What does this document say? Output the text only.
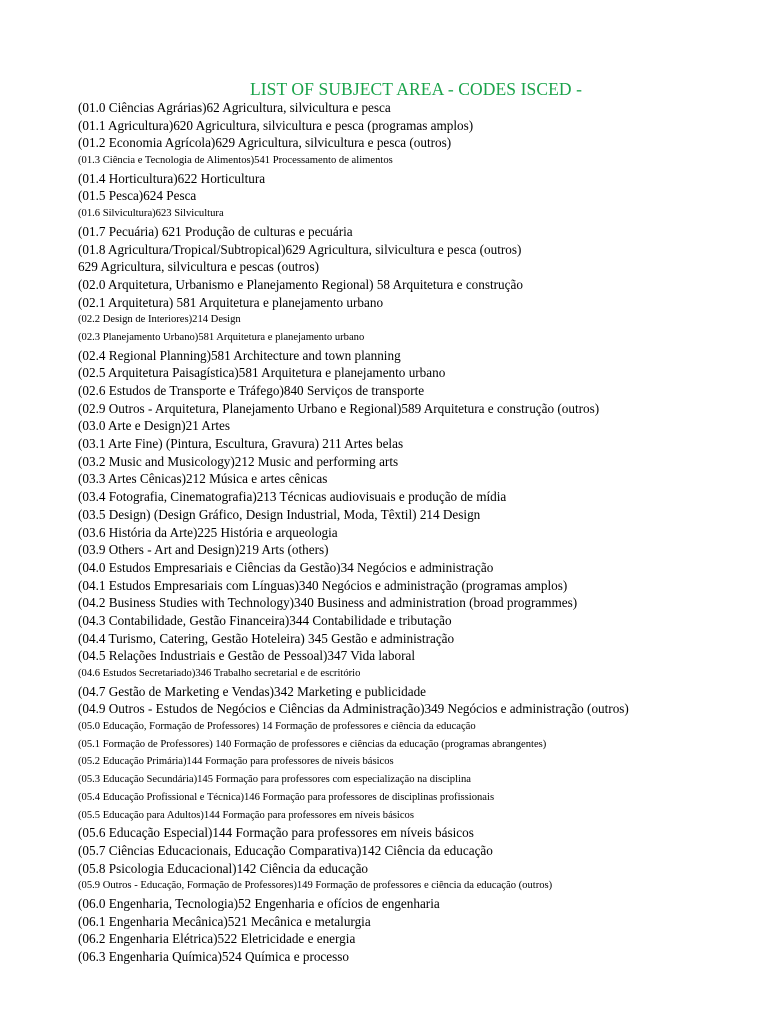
LIST OF SUBJECT AREA - CODES ISCED -
(01.0 Ciências Agrárias)62 Agricultura, silvicultura e pesca
(01.1 Agricultura)620 Agricultura, silvicultura e pesca (programas amplos)
(01.2 Economia Agrícola)629 Agricultura, silvicultura e pesca (outros)
(01.3 Ciência e Tecnologia de Alimentos)541 Processamento de alimentos
(01.4 Horticultura)622 Horticultura
(01.5 Pesca)624 Pesca
(01.6 Silvicultura)623 Silvicultura
(01.7 Pecuária) 621 Produção de culturas e pecuária
(01.8 Agricultura/Tropical/Subtropical)629 Agricultura, silvicultura e pesca (outros)
629 Agricultura, silvicultura e pescas (outros)
(02.0 Arquitetura, Urbanismo e Planejamento Regional) 58 Arquitetura e construção
(02.1 Arquitetura) 581 Arquitetura e planejamento urbano
(02.2 Design de Interiores)214 Design
(02.3 Planejamento Urbano)581 Arquitetura e planejamento urbano
(02.4 Regional Planning)581 Architecture and town planning
(02.5 Arquitetura Paisagística)581 Arquitetura e planejamento urbano
(02.6 Estudos de Transporte e Tráfego)840 Serviços de transporte
(02.9 Outros - Arquitetura, Planejamento Urbano e Regional)589 Arquitetura e construção (outros)
(03.0 Arte e Design)21 Artes
(03.1 Arte Fine) (Pintura, Escultura, Gravura) 211 Artes belas
(03.2 Music and Musicology)212 Music and performing arts
(03.3 Artes Cênicas)212 Música e artes cênicas
(03.4 Fotografia, Cinematografia)213 Técnicas audiovisuais e produção de mídia
(03.5 Design) (Design Gráfico, Design Industrial, Moda, Têxtil) 214 Design
(03.6 História da Arte)225 História e arqueologia
(03.9 Others - Art and Design)219 Arts (others)
(04.0 Estudos Empresariais e Ciências da Gestão)34 Negócios e administração
(04.1 Estudos Empresariais com Línguas)340 Negócios e administração (programas amplos)
(04.2 Business Studies with Technology)340 Business and administration (broad programmes)
(04.3 Contabilidade, Gestão Financeira)344 Contabilidade e tributação
(04.4 Turismo, Catering, Gestão Hoteleira) 345 Gestão e administração
(04.5 Relações Industriais e Gestão de Pessoal)347 Vida laboral
(04.6 Estudos Secretariado)346 Trabalho secretarial e de escritório
(04.7 Gestão de Marketing e Vendas)342 Marketing e publicidade
(04.9 Outros - Estudos de Negócios e Ciências da Administração)349 Negócios e administração (outros)
(05.0 Educação, Formação de Professores) 14 Formação de professores e ciência da educação
(05.1 Formação de Professores) 140 Formação de professores e ciências da educação (programas abrangentes)
(05.2 Educação Primária)144 Formação para professores de níveis básicos
(05.3 Educação Secundária)145 Formação para professores com especialização na disciplina
(05.4 Educação Profissional e Técnica)146 Formação para professores de disciplinas profissionais
(05.5 Educação para Adultos)144 Formação para professores em níveis básicos
(05.6 Educação Especial)144 Formação para professores em níveis básicos
(05.7 Ciências Educacionais, Educação Comparativa)142 Ciência da educação
(05.8 Psicologia Educacional)142 Ciência da educação
(05.9 Outros - Educação, Formação de Professores)149 Formação de professores e ciência da educação (outros)
(06.0 Engenharia, Tecnologia)52 Engenharia e ofícios de engenharia
(06.1 Engenharia Mecânica)521 Mecânica e metalurgia
(06.2 Engenharia Elétrica)522 Eletricidade e energia
(06.3 Engenharia Química)524 Química e processo
